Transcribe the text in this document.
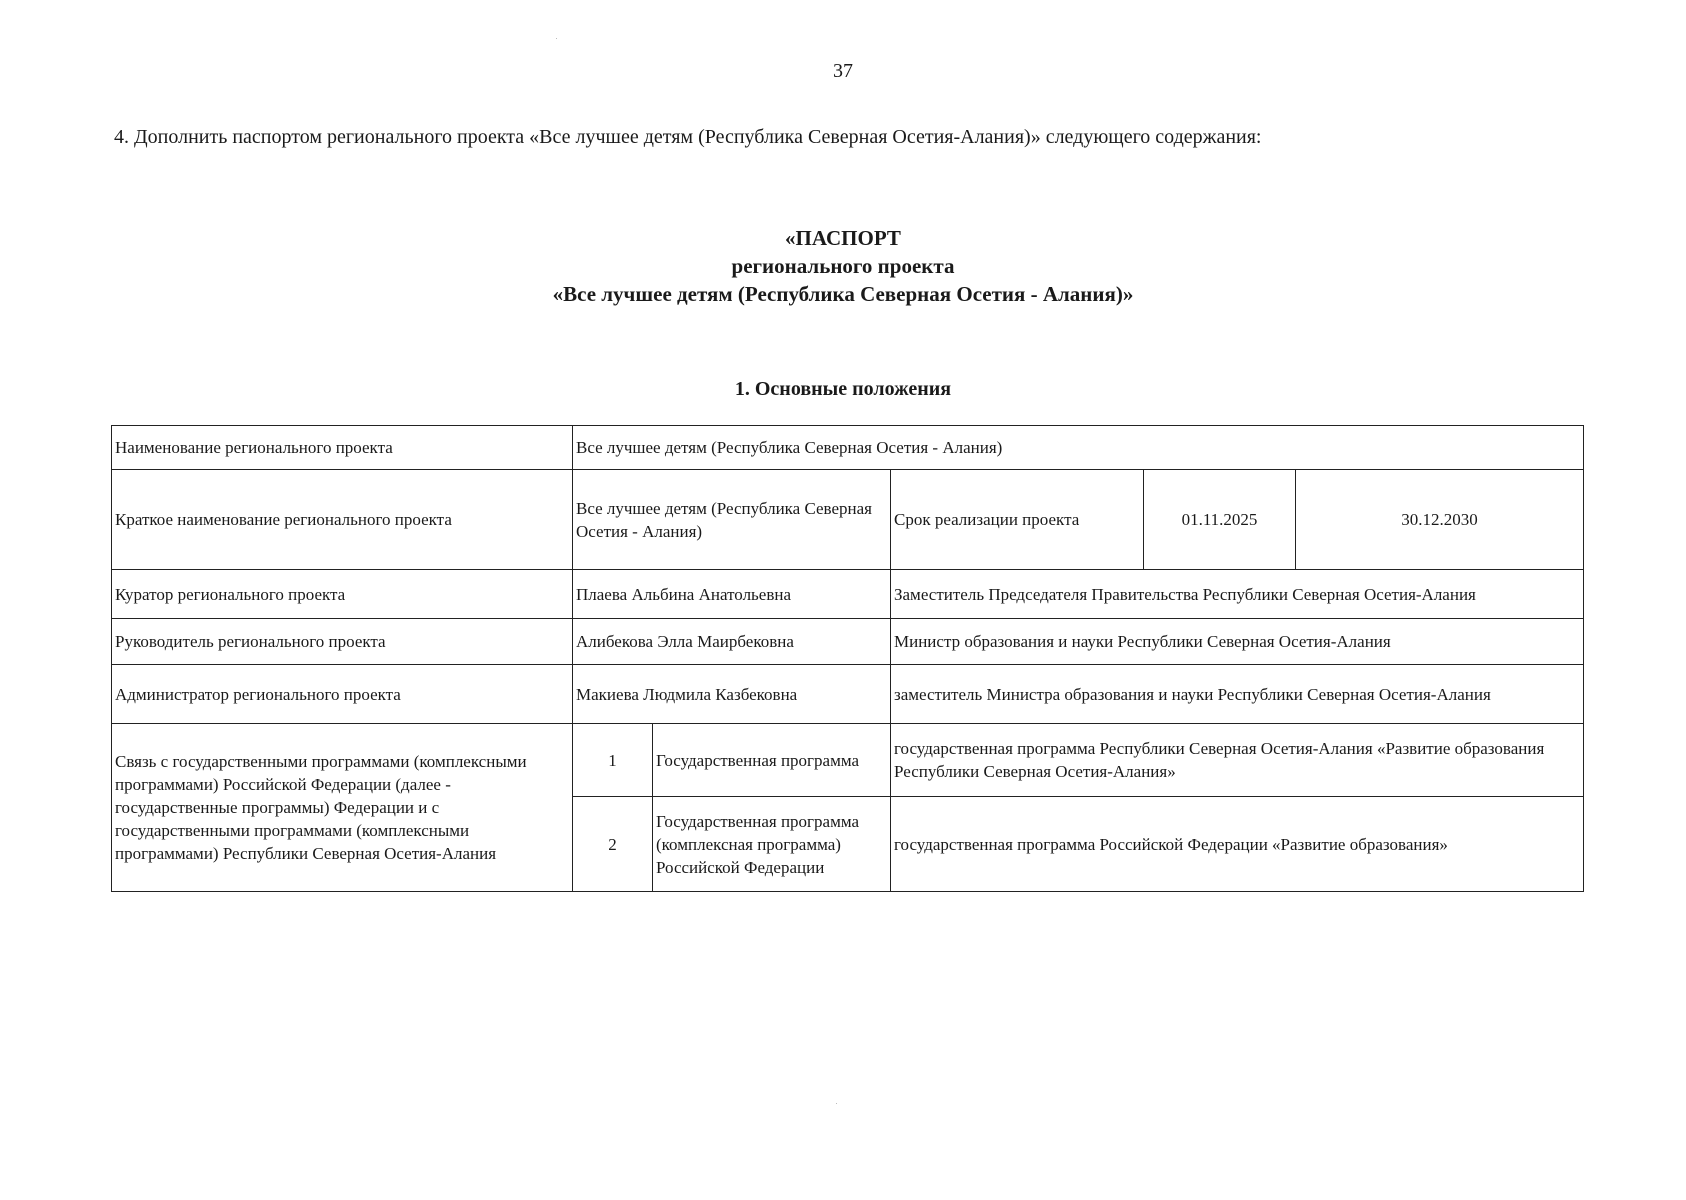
37
4. Дополнить паспортом регионального проекта «Все лучшее детям (Республика Северная Осетия-Алания)» следующего содержания:
«ПАСПОРТ
регионального проекта
«Все лучшее детям (Республика Северная Осетия - Алания)»
1. Основные положения
Наименование регионального проекта	Все лучшее детям (Республика Северная Осетия - Алания)				
Краткое наименование регионального проекта	Все лучшее детям (Республика Северная Осетия - Алания)		Срок реализации проекта	01.11.2025	30.12.2030
Куратор регионального проекта	Плаева Альбина Анатольевна		Заместитель Председателя Правительства Республики Северная Осетия-Алания		
Руководитель регионального проекта	Алибекова Элла Маирбековна		Министр образования и науки Республики Северная Осетия-Алания		
Администратор регионального проекта	Макиева Людмила Казбековна		заместитель Министра образования и науки Республики Северная Осетия-Алания		
Связь с государственными программами (комплексными программами) Российской Федерации (далее - государственные программы) Федерации и с государственными программами (комплексными программами) Республики Северная Осетия-Алания	1	Государственная программа	государственная программа Республики Северная Осетия-Алания «Развитие образования Республики Северная Осетия-Алания»		
	2	Государственная программа (комплексная программа) Российской Федерации	государственная программа Российской Федерации «Развитие образования»		
